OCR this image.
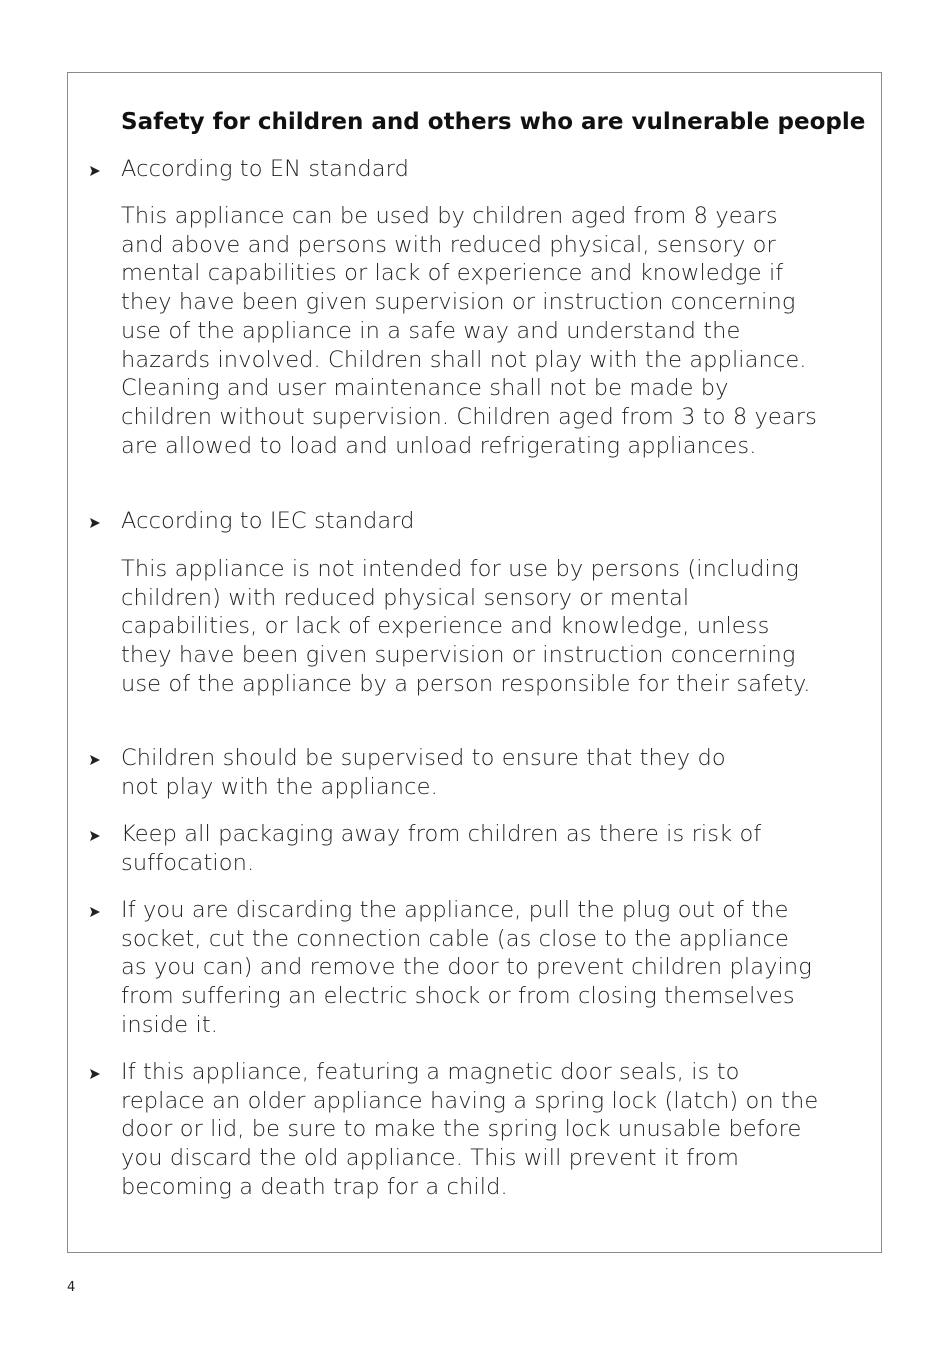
Safety for children and others who are vulnerable people
According to EN standard
This appliance can be used by children aged from 8 years and above and persons with reduced physical, sensory or mental capabilities or lack of experience and knowledge if they have been given supervision or instruction concerning use of the appliance in a safe way and understand the hazards involved. Children shall not play with the appliance. Cleaning and user maintenance shall not be made by children without supervision. Children aged from 3 to 8 years are allowed to load and unload refrigerating appliances.
According to IEC standard
This appliance is not intended for use by persons (including children) with reduced physical sensory or mental capabilities, or lack of experience and knowledge, unless they have been given supervision or instruction concerning use of the appliance by a person responsible for their safety.
Children should be supervised to ensure that they do not play with the appliance.
Keep all packaging away from children as there is risk of suffocation.
If you are discarding the appliance, pull the plug out of the socket, cut the connection cable (as close to the appliance as you can) and remove the door to prevent children playing from suffering an electric shock or from closing themselves inside it.
If this appliance, featuring a magnetic door seals, is to replace an older appliance having a spring lock (latch) on the door or lid, be sure to make the spring lock unusable before you discard the old appliance. This will prevent it from becoming a death trap for a child.
4
